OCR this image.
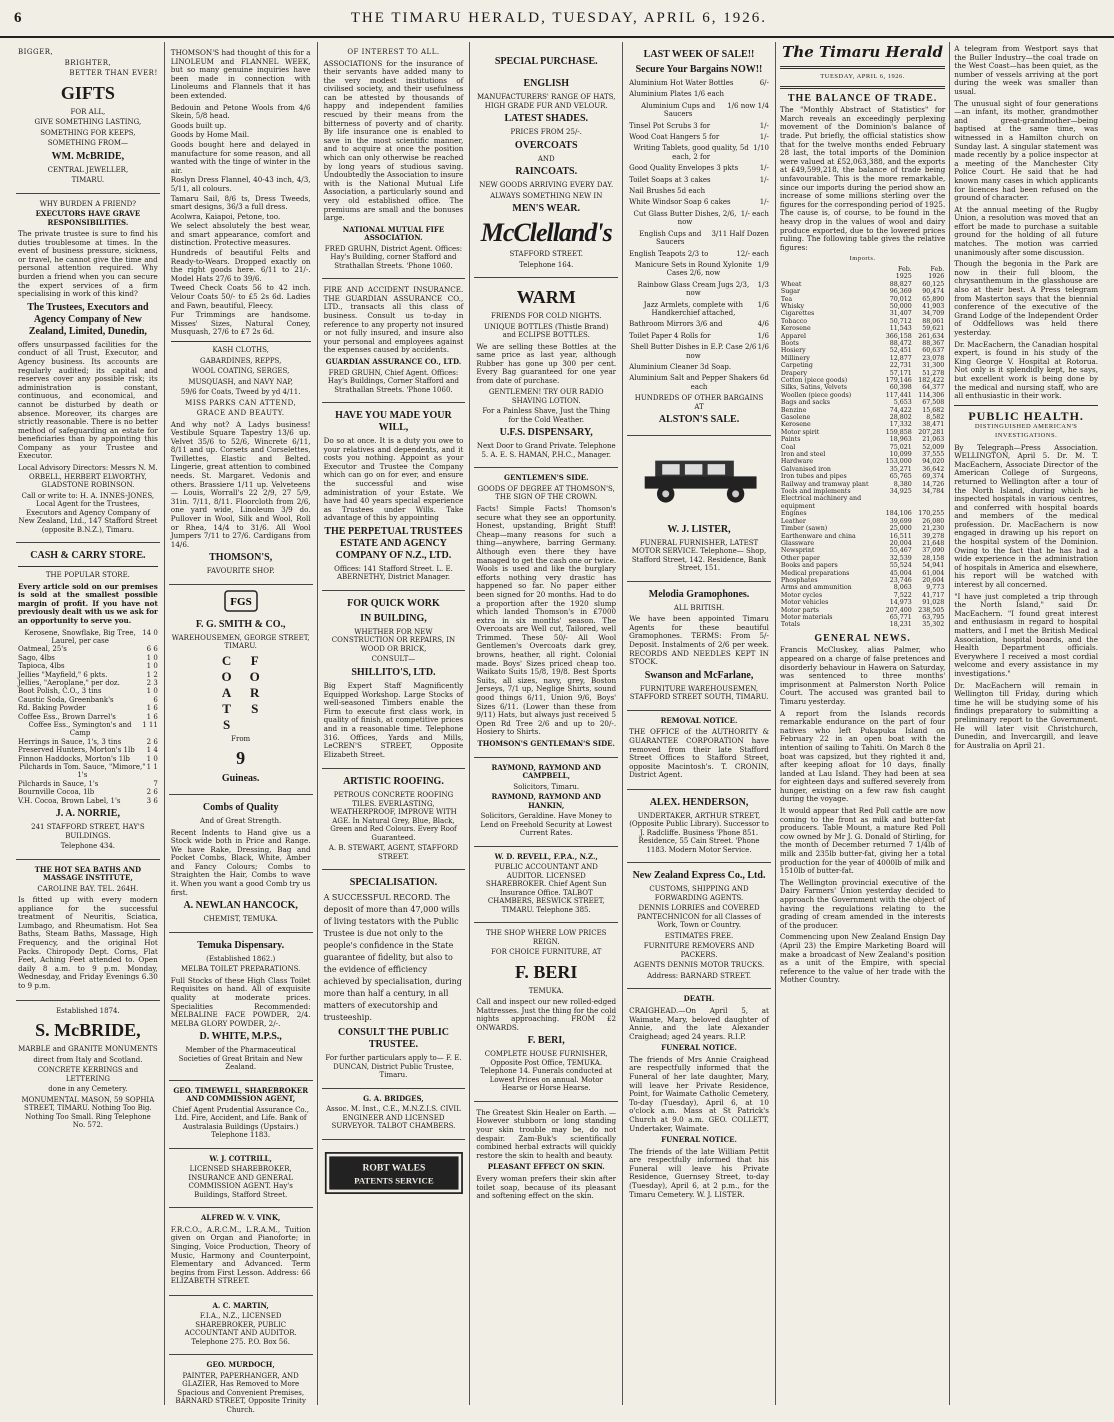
6	THE TIMARU HERALD, TUESDAY, APRIL 6, 1926.

BIGGER,
BRIGHTER,
BETTER THAN EVER!
GIFTS
FOR ALL,
GIVE SOMETHING LASTING,
SOMETHING FOR KEEPS,
SOMETHING FROM—
WM. McBRIDE,
CENTRAL JEWELLER,
TIMARU.
WHY BURDEN A FRIEND?
EXECUTORS HAVE GRAVE RESPONSIBILITIES.
The private trustee is sure to find his duties troublesome at times. In the event of business pressure, sickness, or travel, he cannot give the time and personal attention required. Why burden a friend when you can secure the expert services of a firm specialising in work of this kind?
The Trustees, Executors and Agency Company of New Zealand, Limited, Dunedin,
offers unsurpassed facilities for the conduct of all Trust, Executor, and Agency business. Its accounts are regularly audited; its capital and reserves cover any possible risk; its administration is constant, continuous, and economical, and cannot be disturbed by death or absence. Moreover, its charges are strictly reasonable. There is no better method of safeguarding an estate for beneficiaries than by appointing this Company as your Trustee and Executor.
Local Advisory Directors: Messrs N. M. ORBELL, HERBERT ELWORTHY, GLADSTONE ROBINSON.
Call or write to: H. A. INNES-JONES, Local Agent for the Trustees, Executors and Agency Company of New Zealand, Ltd., 147 Stafford Street (opposite B.N.Z.), Timaru.
CASH & CARRY STORE.
THE POPULAR STORE.
Every article sold on our premises is sold at the smallest possible margin of profit. If you have not previously dealt with us we ask for an opportunity to serve you.
Kerosene, Snowflake, Big Tree, Laurel, per case
14 0
Oatmeal, 25's	6 6
Sago, 4lbs	1 0
Tapioca, 4lbs	1 0
Jellies "Mayfield," 6 pkts.	1 2
Jellies, "Aeroplane," per doz.	2 3
Boot Polish, C.O., 3 tins	1 0
Caustic Soda, Greenbank's	6
Rd. Baking Powder	1 6
Coffee Ess., Brown Darrel's	1 6
Coffee Ess., Symington's and Camp
1 11
Herrings in Sauce, 1's, 3 tins	2 6
Preserved Hunters, Morton's 1lb 1 4
Finnon Haddocks, Morton's 1lb 1 0
Pilchards in Tom. Sauce, "Mimore," 1's
1 1
Pilchards in Sauce, 1's	7
Bournville Cocoa, 1lb	2 6
V.H. Cocoa, Brown Label, 1's	3 6
J. A. NORRIE,
241 STAFFORD STREET, HAY'S BUILDINGS.
Telephone 434.
THE HOT SEA BATHS AND MASSAGE INSTITUTE,
CAROLINE BAY. TEL. 264H.
Is fitted up with every modern appliance for the successful treatment of Neuritis, Sciatica, Lumbago, and Rheumatism. Hot Sea Baths, Steam Baths, Massage, High Frequency, and the original Hot Packs. Chiropody Dept. Corns, Flat Feet, Aching Feet attended to. Open daily 8 a.m. to 9 p.m. Monday, Wednesday, and Friday Evenings 6.30 to 9 p.m.
Established 1874.
S. McBRIDE,
MARBLE and GRANITE MONUMENTS
direct from Italy and Scotland.
CONCRETE KERBINGS and LETTERING
done in any Cemetery.
MONUMENTAL MASON, 59 SOPHIA STREET, TIMARU. Nothing Too Big. Nothing Too Small. Ring Telephone No. 572.
THOMSON'S had thought of this for a LINOLEUM and FLANNEL WEEK, but so many genuine inquiries have been made in connection with Linoleums and Flannels that it has been extended.
Bedouin and Petone Wools from 4/6 Skein, 5/8 head.
Goods built up.
Goods by Home Mail.
Goods bought here and delayed in manufacture for some reason, and all wanted with the tinge of winter in the air.
Roslyn Dress Flannel, 40-43 inch, 4/3, 5/11, all colours.
Tamaru Sail, 8/6 ts, Dress Tweeds, smart designs, 36/3 a full dress.
Acolwra, Kaiapoi, Petone, too.
We select absolutely the best wear, and smart appearance, comfort and distinction. Protective measures.
Hundreds of beautiful Felts and Ready-to-Wears. Dropped exactly on the right goods here. 6/11 to 21/-. Model Hats 27/6 to 39/6.
Tweed Check Coats 56 to 42 inch. Velour Coats 50/- to £5 2s 6d. Ladies and Fawn, beautiful, Fleecy.
Fur Trimmings are handsome. Misses' Sizes, Natural Coney, Musquash, 27/6 to £7 2s 6d.
KASH CLOTHS,
GABARDINES, REPPS,
WOOL COATING, SERGES,
MUSQUASH, and NAVY NAP,
59/6 for Coats, Tweed by yd 4/11.
MISS PARKS CAN ATTEND,
GRACE AND BEAUTY.
And why not? A Ladys business! Vestibule Square Tapestry 13/6 up. Velvet 35/6 to 52/6, Wincrete 6/11, 8/11 and up. Corsets and Corselettes, Twillettes, Elastic and Belted. Lingerie, great attention to combined needs. St. Margaret. Vedonis and others. Brassiere 1/11 up. Velveteens — Louis, Worrall's 22 2/9, 27 5/9, 31in. 7/11, 8/11. Floorcloth from 2/6, one yard wide, Linoleum 3/9 do. Pullover in Wool, Silk and Wool, Roll or Rhea, 14/4 to 31/6. All Wool Jumpers 7/11 to 27/6. Cardigans from 14/6.
THOMSON'S,
FAVOURITE SHOP.
FGS
F. G. SMITH & CO.,
WAREHOUSEMEN, GEORGE STREET, TIMARU.
C
O
A
T
S
F
O
R
S
From
9
Guineas.
Combs of Quality
And of Great Strength.
Recent Indents to Hand give us a Stock wide both in Price and Range. We have Rake, Dressing, Bag and Pocket Combs, Black, White, Amber and Fancy Colours; Combs to Straighten the Hair, Combs to wave it. When you want a good Comb try us first.
A. NEWLAN HANCOCK,
CHEMIST, TEMUKA.
Temuka Dispensary.
(Established 1862.)
MELBA TOILET PREPARATIONS.
Full Stocks of these High Class Toilet Requisites on hand. All of exquisite quality at moderate prices. Specialities Recommended: MELBALINE FACE POWDER, 2/4. MELBA GLORY POWDER, 2/-.
D. WHITE, M.P.S.,
Member of the Pharmaceutical Societies of Great Britain and New Zealand.
GEO. TIMEWELL, SHAREBROKER AND COMMISSION AGENT,
Chief Agent Prudential Assurance Co., Ltd. Fire, Accident, and Life. Bank of Australasia Buildings (Upstairs.) Telephone 1183.
W. J. COTTRILL,
LICENSED SHAREBROKER, INSURANCE AND GENERAL COMMISSION AGENT. Hay's Buildings, Stafford Street.
ALFRED W. V. VINK,
F.R.C.O., A.R.C.M., L.R.A.M., Tuition given on Organ and Pianoforte; in Singing, Voice Production, Theory of Music, Harmony and Counterpoint, Elementary and Advanced. Term begins from First Lesson. Address: 66 ELIZABETH STREET.
A. C. MARTIN,
F.I.A., N.Z., LICENSED SHAREBROKER, PUBLIC ACCOUNTANT AND AUDITOR. Telephone 275. P.O. Box 56.
GEO. MURDOCH,
PAINTER, PAPERHANGER, AND GLAZIER, Has Removed to More Spacious and Convenient Premises, BARNARD STREET, Opposite Trinity Church.
OF INTEREST TO ALL.
ASSOCIATIONS for the insurance of their servants have added many to the very modest institutions of civilised society, and their usefulness can be attested by thousands of happy and independent families rescued by their means from the bitterness of poverty and of charity. By life insurance one is enabled to save in the most scientific manner, and to acquire at once the position which can only otherwise be reached by long years of studious saving. Undoubtedly the Association to insure with is the National Mutual Life Association, a particularly sound and very old established office. The premiums are small and the bonuses large.
NATIONAL MUTUAL FIFE ASSOCIATION.
FRED GRUHN, District Agent. Offices: Hay's Building, corner Stafford and Strathallan Streets. 'Phone 1060.
FIRE AND ACCIDENT INSURANCE. THE GUARDIAN ASSURANCE CO., LTD., transacts all this class of business. Consult us to-day in reference to any property not insured or not fully insured, and insure also your personal and employees against the expenses caused by accidents.
GUARDIAN ASSURANCE CO., LTD.
FRED GRUHN, Chief Agent. Offices: Hay's Buildings, Corner Stafford and Strathallan Streets. 'Phone 1060.
HAVE YOU MADE YOUR WILL,
Do so at once. It is a duty you owe to your relatives and dependents, and it costs you nothing. Appoint as your Executor and Trustee the Company which can go on for ever, and ensure the successful and wise administration of your Estate. We have had 40 years special experience as Trustees under Wills. Take advantage of this by appointing
THE PERPETUAL TRUSTEES ESTATE AND AGENCY COMPANY OF N.Z., LTD.
Offices: 141 Stafford Street. L. E. ABERNETHY, District Manager.
FOR QUICK WORK
IN BUILDING,
WHETHER FOR NEW CONSTRUCTION OR REPAIRS, IN WOOD OR BRICK,
CONSULT—
SHILLITO'S, LTD.
Big Expert Staff Magnificently Equipped Workshop. Large Stocks of well-seasoned Timbers enable the Firm to execute first class work, in quality of finish, at competitive prices and in a reasonable time. Telephone 316. Offices, Yards and Mills, LeCREN'S STREET, Opposite Elizabeth Street.
ARTISTIC ROOFING.
PETROUS CONCRETE ROOFING TILES. EVERLASTING, WEATHERPROOF, IMPROVE WITH AGE. In Natural Grey, Blue, Black, Green and Red Colours. Every Roof Guaranteed.
A. B. STEWART, AGENT, STAFFORD STREET.
SPECIALISATION.
A SUCCESSFUL RECORD. The deposit of more than 47,000 wills of living testators with the Public Trustee is due not only to the people's confidence in the State guarantee of fidelity, but also to the evidence of efficiency achieved by specialisation, during more than half a century, in all matters of executorship and trusteeship.
CONSULT THE PUBLIC TRUSTEE.
For further particulars apply to— F. E. DUNCAN, District Public Trustee, Timaru.
G. A. BRIDGES,
Assoc. M. Inst., C.E., M.N.Z.I.S. CIVIL ENGINEER AND LICENSED SURVEYOR. TALBOT CHAMBERS.
ROBT WALES
PATENTS SERVICE
SPECIAL PURCHASE.
ENGLISH
MANUFACTURERS' RANGE OF HATS, HIGH GRADE FUR AND VELOUR.
LATEST SHADES.
PRICES FROM 25/-.
OVERCOATS
AND
RAINCOATS.
NEW GOODS ARRIVING EVERY DAY.
ALWAYS SOMETHING NEW IN
MEN'S WEAR.
McClelland's
STAFFORD STREET.
Telephone 164.
WARM
FRIENDS FOR COLD NIGHTS.
UNIQUE BOTTLES (Thistle Brand) and ECLIPSE BOTTLES.
We are selling these Bottles at the same price as last year, although Rubber has gone up 300 per cent. Every Bag guaranteed for one year from date of purchase.
GENTLEMEN! TRY OUR RADIO SHAVING LOTION.
For a Painless Shave, Just the Thing for the Cold Weather.
U.F.S. DISPENSARY,
Next Door to Grand Private. Telephone 5. A. E. S. HAMAN, P.H.C., Manager.
GENTLEMEN'S SIDE.
GOODS OF DEGREE AT THOMSON'S, THE SIGN OF THE CROWN.
Facts! Simple Facts! Thomson's secure what they see an opportunity. Honest, upstanding, Bright Stuff! Cheap—many reasons for such a thing—anywhere, barring Germany. Although even there they have managed to get the cash one or twice. Wools is used and like the burglary efforts nothing very drastic has happened so far. No paper either been signed for 20 months. Had to do a proportion after the 1920 slump which landed Thomson's in £7000 extra in six months' season. The Overcoats are Well cut, Tailored, well Trimmed. These 50/- All Wool Gentlemen's Overcoats dark grey, browns, heather, all right. Colonial made. Boys' Sizes priced cheap too. Waikato Suits 15/8, 19/8. Best Sports Suits, all sizes, navy, grey, Boston Jerseys, 7/1 up, Neglige Shirts, sound good things 6/11, Union 9/6, Boys' Sizes 6/11. (Lower than these from 9/11) Hats, but always just received 5 Open Rd Tree 2/6 and up to 20/-. Hosiery to Shirts.
THOMSON'S GENTLEMAN'S SIDE.
RAYMOND, RAYMOND AND CAMPBELL,
Solicitors, Timaru.
RAYMOND, RAYMOND AND HANKIN,
Solicitors, Geraldine. Have Money to Lend on Freehold Security at Lowest Current Rates.
W. D. REVELL, F.P.A., N.Z.,
PUBLIC ACCOUNTANT AND AUDITOR. LICENSED SHAREBROKER. Chief Agent Sun Insurance Office. TALBOT CHAMBERS, BESWICK STREET, TIMARU. Telephone 385.
THE SHOP WHERE LOW PRICES REIGN.
FOR CHOICE FURNITURE, AT
F. BERI
TEMUKA.
Call and inspect our new rolled-edged Mattresses. Just the thing for the cold nights approaching. FROM £2 ONWARDS.
F. BERI,
COMPLETE HOUSE FURNISHER, Opposite Post Office, TEMUKA. Telephone 14. Funerals conducted at Lowest Prices on annual. Motor Hearse or Horse Hearse.
The Greatest Skin Healer on Earth. — However stubborn or long standing your skin trouble may be, do not despair. Zam-Buk's scientifically combined herbal extracts will quickly restore the skin to health and beauty.
PLEASANT EFFECT ON SKIN.
Every woman prefers their skin after toilet soap, because of its pleasant and softening effect on the skin.
LAST WEEK OF SALE!!
Secure Your Bargains NOW!!
Aluminium Hot Water Bottles	6/-
Aluminium Plates 1/6 each
Aluminium Cups and Saucers
1/6 now 1/4
Tinsel Pot Scrubs 3 for	1/-
Wood Coat Hangers 5 for	1/-
Writing Tablets, good quality, 5d each, 2 for
1/10
Good Quality Envelopes 3 pkts	1/-
Toilet Soaps at 3 cakes	1/-
Nail Brushes 5d each
White Windsor Soap 6 cakes	1/-
Cut Glass Butter Dishes, 2/6, now
1/- each
English Cups and Saucers
3/11 Half Dozen
English Teapots 2/3 to	12/- each
Manicure Sets in Round Xylonite Cases 2/6, now
1/9
Rainbow Glass Cream Jugs 2/3, now
1/3
Jazz Armlets, complete with Handkerchief attached,
1/6
Bathroom Mirrors 3/6 and	4/6
Toilet Paper 4 Rolls for	1/6
Shell Butter Dishes in E.P. Case 2/6 now
1/6
Aluminium Cleaner 3d Soap.
Aluminium Salt and Pepper Shakers 6d each
HUNDREDS OF OTHER BARGAINS AT
ALSTON'S SALE.
W. J. LISTER,
FUNERAL FURNISHER, LATEST MOTOR SERVICE. Telephone— Shop, Stafford Street, 142. Residence, Bank Street, 151.
Melodia Gramophones.
ALL BRITISH.
We have been appointed Timaru Agents for these beautiful Gramophones. TERMS: From 5/- Deposit. Instalments of 2/6 per week. RECORDS AND NEEDLES KEPT IN STOCK.
Swanson and McFarlane,
FURNITURE WAREHOUSEMEN, STAFFORD STREET SOUTH, TIMARU.
REMOVAL NOTICE.
THE OFFICE of the AUTHORITY & GUARANTEE CORPORATION have removed from their late Stafford Street Offices to Stafford Street, opposite Macintosh's. T. CRONIN, District Agent.
ALEX. HENDERSON,
UNDERTAKER, ARTHUR STREET, (Opposite Public Library). Successor to J. Radcliffe. Business 'Phone 851. Residence, 55 Cain Street. 'Phone 1183. Modern Motor Service.
New Zealand Express Co., Ltd.
CUSTOMS, SHIPPING AND FORWARDING AGENTS.
DENNIS LORRIES and COVERED PANTECHNICON for all Classes of Work, Town or Country.
ESTIMATES FREE.
FURNITURE REMOVERS AND PACKERS.
AGENTS DENNIS MOTOR TRUCKS.
Address: BARNARD STREET.
DEATH.
CRAIGHEAD.—On April 5, at Waimate, Mary, beloved daughter of Annie, and the late Alexander Craighead; aged 24 years. R.I.P.
FUNERAL NOTICE.
The friends of Mrs Annie Craighead are respectfully informed that the Funeral of her late daughter, Mary, will leave her Private Residence, Point, for Waimate Catholic Cemetery, To-day (Tuesday), April 6, at 10 o'clock a.m. Mass at St Patrick's Church at 9.0 a.m. GEO. COLLETT, Undertaker, Waimate.
FUNERAL NOTICE.
The friends of the late William Pettit are respectfully informed that his Funeral will leave his Private Residence, Guernsey Street, to-day (Tuesday), April 6, at 2 p.m., for the Timaru Cemetery. W. J. LISTER.
The Timaru Herald
TUESDAY, APRIL 6, 1926.
THE BALANCE OF TRADE.
The "Monthly Abstract of Statistics" for March reveals an exceedingly perplexing movement of the Dominion's balance of trade. Put briefly, the official statistics show that for the twelve months ended February 28 last, the total imports of the Dominion were valued at £52,063,388, and the exports at £49,599,218, the balance of trade being unfavourable. This is the more remarkable, since our imports during the period show an increase of some millions sterling over the figures for the corresponding period of 1925. The cause is, of course, to be found in the heavy drop in the values of wool and dairy produce exported, due to the lowered prices ruling. The following table gives the relative figures:
Imports.
	Feb. 1925	Feb. 1926
Wheat	88,827	60,125
Sugar	96,369	90,474
Tea	70,012	65,890
Whisky	50,000	41,903
Cigarettes	31,407	34,709
Tobacco	50,712	88,061
Kerosene	11,543	59,621
Apparel	366,158	261,634
Boots	88,472	88,367
Hosiery	52,451	60,637
Millinery	12,877	23,078
Carpeting	22,731	31,300
Drapery	57,171	51,278
Cotton (piece goods)	179,146	182,422
Silks, Satins, Velvets	60,398	64,377
Woollen (piece goods)	117,441	114,306
Bags and sacks	5,653	67,508
Benzine	74,422	15,682
Gasolene	28,802	8,582
Kerosene	17,332	38,471
Motor spirit	159,858	207,281
Paints	18,963	21,063
Coal	75,021	52,009
Iron and steel	10,099	37,555
Hardware	153,000	94,020
Galvanised iron	35,271	36,642
Iron tubes and pipes	65,765	69,374
Railway and tramway plant	8,380	14,726
Tools and implements	34,925	34,784
Electrical machinery and equipment		
Engines	184,106	170,255
Leather	39,699	26,080
Timber (sawn)	25,000	21,230
Earthenware and china	16,511	39,278
Glassware	20,004	21,648
Newsprint	55,467	37,090
Other paper	32,539	28,158
Books and papers	55,524	54,941
Medical preparations	45,004	61,004
Phosphates	23,746	20,604
Arms and ammunition	8,063	9,773
Motor cycles	7,522	41,717
Motor vehicles	14,973	91,028
Motor parts	207,400	238,505
Motor materials	65,771	63,795
Totals	18,231	35,302
GENERAL NEWS.
Francis McCluskey, alias Palmer, who appeared on a charge of false pretences and disorderly behaviour in Hawera on Saturday, was sentenced to three months' imprisonment at Palmerston North Police Court. The accused was granted bail to Timaru yesterday.
A report from the Islands records remarkable endurance on the part of four natives who left Pukapuka Island on February 22 in an open boat with the intention of sailing to Tahiti. On March 8 the boat was capsized, but they righted it and, after keeping afloat for 10 days, finally landed at Lau Island. They had been at sea for eighteen days and suffered severely from hunger, existing on a few raw fish caught during the voyage.
It would appear that Red Poll cattle are now coming to the front as milk and butter-fat producers. Table Mount, a mature Red Poll cow owned by Mr J. G. Donald of Stirling, for the month of December returned 7 1/4lb of milk and 235lb butter-fat, giving her a total production for the year of 4000lb of milk and 1510lb of butter-fat.
The Wellington provincial executive of the Dairy Farmers' Union yesterday decided to approach the Government with the object of having the regulations relating to the grading of cream amended in the interests of the producer.
Commencing upon New Zealand Ensign Day (April 23) the Empire Marketing Board will make a broadcast of New Zealand's position as a unit of the Empire, with special reference to the value of her trade with the Mother Country.
A telegram from Westport says that the Buller Industry—the coal trade on the West Coast—has been quiet, as the number of vessels arriving at the port during the week was smaller than usual.
The unusual sight of four generations—an infant, its mother, grandmother and great-grandmother—being baptised at the same time, was witnessed in a Hamilton church on Sunday last. A singular statement was made recently by a police inspector at a meeting of the Manchester City Police Court. He said that he had known many cases in which applicants for licences had been refused on the ground of character.
At the annual meeting of the Rugby Union, a resolution was moved that an effort be made to purchase a suitable ground for the holding of all future matches. The motion was carried unanimously after some discussion.
Though the begonia in the Park are now in their full bloom, the chrysanthemum in the glasshouse are also at their best. A Press telegram from Masterton says that the biennial conference of the executive of the Grand Lodge of the Independent Order of Oddfellows was held there yesterday.
Dr. MacEachern, the Canadian hospital expert, is found in his study of the King George V. Hospital at Rotorua. Not only is it splendidly kept, he says, but excellent work is being done by the medical and nursing staff, who are all enthusiastic in their work.
PUBLIC HEALTH.
DISTINGUISHED AMERICAN'S INVESTIGATIONS.
By Telegraph—Press Association. WELLINGTON, April 5. Dr. M. T. MacEachern, Associate Director of the American College of Surgeons, returned to Wellington after a tour of the North Island, during which he inspected hospitals in various centres, and conferred with hospital boards and members of the medical profession. Dr. MacEachern is now engaged in drawing up his report on the hospital system of the Dominion. Owing to the fact that he has had a wide experience in the administration of hospitals in America and elsewhere, his report will be watched with interest by all concerned.
"I have just completed a trip through the North Island," said Dr. MacEachern. "I found great interest and enthusiasm in regard to hospital matters, and I met the British Medical Association, hospital boards, and the Health Department officials. Everywhere I received a most cordial welcome and every assistance in my investigations."
Dr. MacEachern will remain in Wellington till Friday, during which time he will be studying some of his findings preparatory to submitting a preliminary report to the Government. He will later visit Christchurch, Dunedin, and Invercargill, and leave for Australia on April 21.
